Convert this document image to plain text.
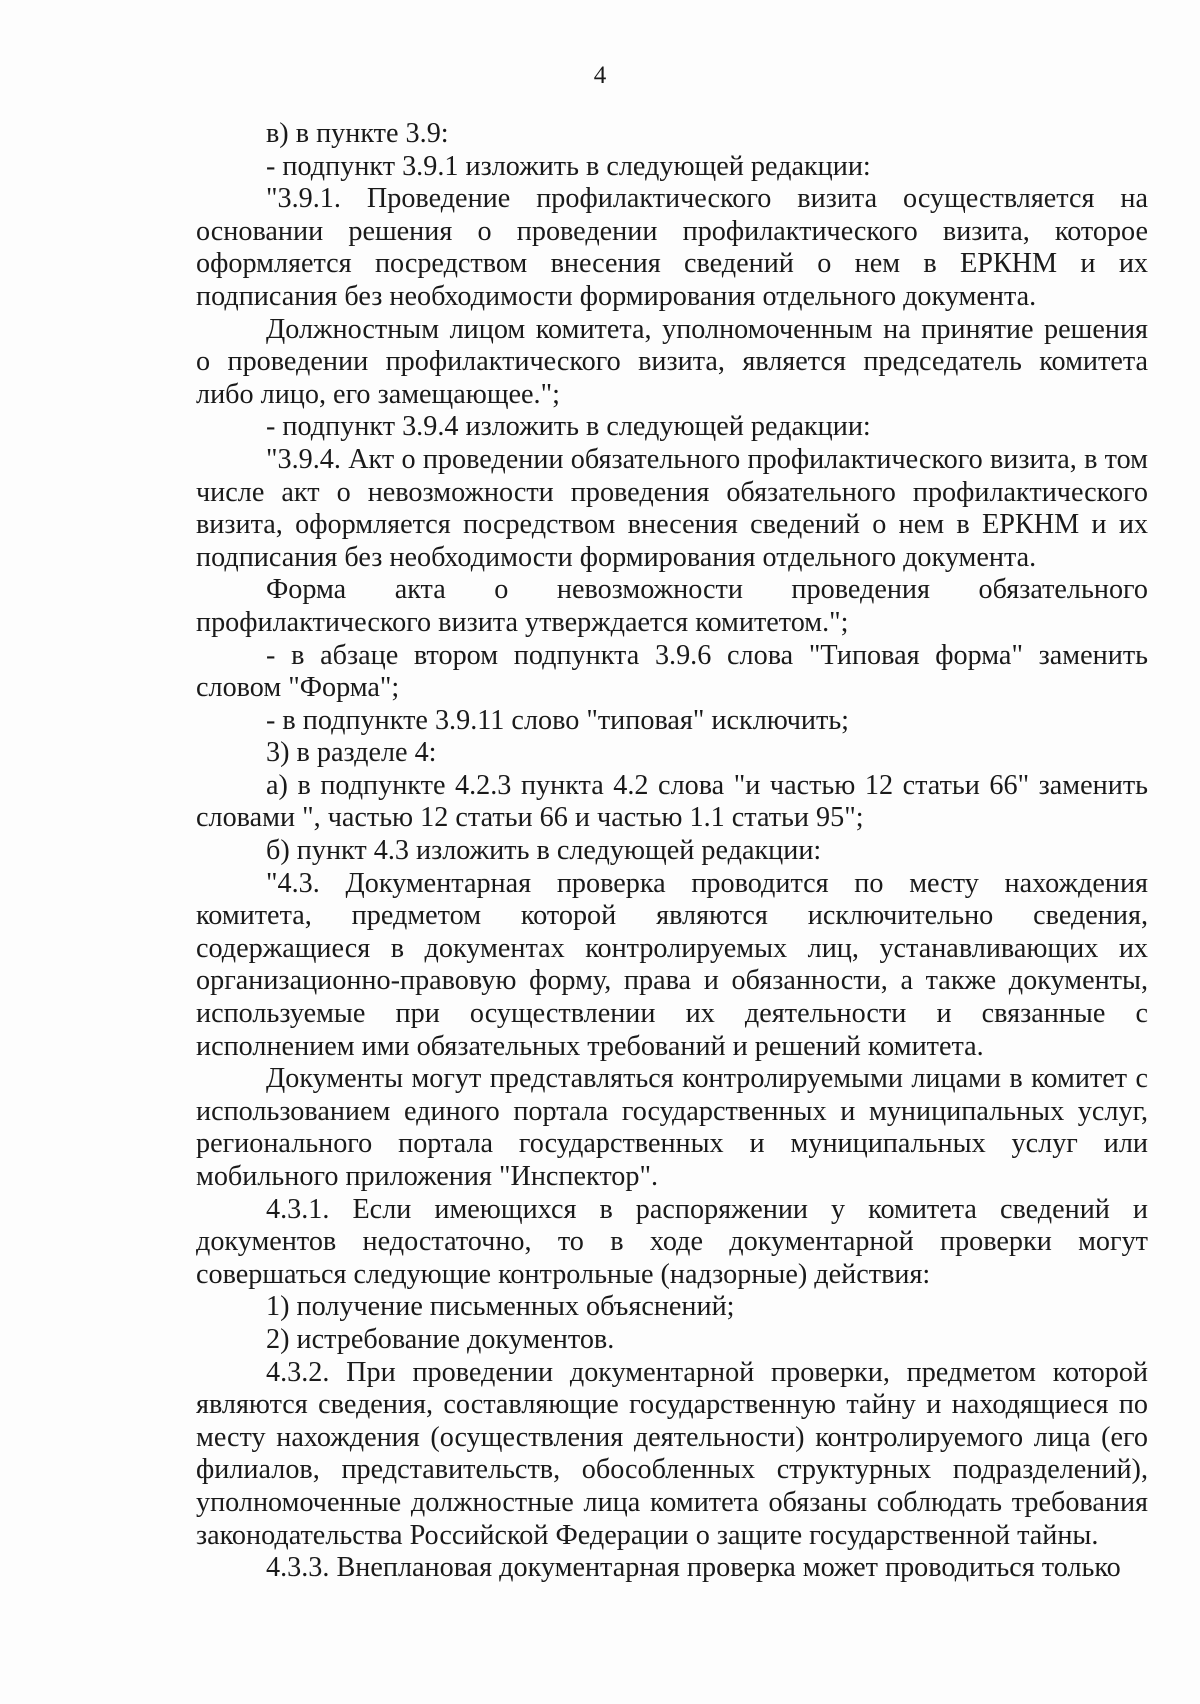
4

в) в пункте 3.9:

- подпункт 3.9.1 изложить в следующей редакции:

"3.9.1. Проведение профилактического визита осуществляется на основании решения о проведении профилактического визита, которое оформляется посредством внесения сведений о нем в ЕРКНМ и их подписания без необходимости формирования отдельного документа.

Должностным лицом комитета, уполномоченным на принятие решения о проведении профилактического визита, является председатель комитета либо лицо, его замещающее.";

- подпункт 3.9.4 изложить в следующей редакции:

"3.9.4. Акт о проведении обязательного профилактического визита, в том числе акт о невозможности проведения обязательного профилактического визита, оформляется посредством внесения сведений о нем в ЕРКНМ и их подписания без необходимости формирования отдельного документа.

Форма акта о невозможности проведения обязательного профилактического визита утверждается комитетом.";

- в абзаце втором подпункта 3.9.6 слова "Типовая форма" заменить словом "Форма";

- в подпункте 3.9.11 слово "типовая" исключить;

3) в разделе 4:

а) в подпункте 4.2.3 пункта 4.2 слова "и частью 12 статьи 66" заменить словами ", частью 12 статьи 66 и частью 1.1 статьи 95";

б) пункт 4.3 изложить в следующей редакции:

"4.3. Документарная проверка проводится по месту нахождения комитета, предметом которой являются исключительно сведения, содержащиеся в документах контролируемых лиц, устанавливающих их организационно-правовую форму, права и обязанности, а также документы, используемые при осуществлении их деятельности и связанные с исполнением ими обязательных требований и решений комитета.

Документы могут представляться контролируемыми лицами в комитет с использованием единого портала государственных и муниципальных услуг, регионального портала государственных и муниципальных услуг или мобильного приложения "Инспектор".

4.3.1. Если имеющихся в распоряжении у комитета сведений и документов недостаточно, то в ходе документарной проверки могут совершаться следующие контрольные (надзорные) действия:

1) получение письменных объяснений;

2) истребование документов.

4.3.2. При проведении документарной проверки, предметом которой являются сведения, составляющие государственную тайну и находящиеся по месту нахождения (осуществления деятельности) контролируемого лица (его филиалов, представительств, обособленных структурных подразделений), уполномоченные должностные лица комитета обязаны соблюдать требования законодательства Российской Федерации о защите государственной тайны.

4.3.3. Внеплановая документарная проверка может проводиться только
